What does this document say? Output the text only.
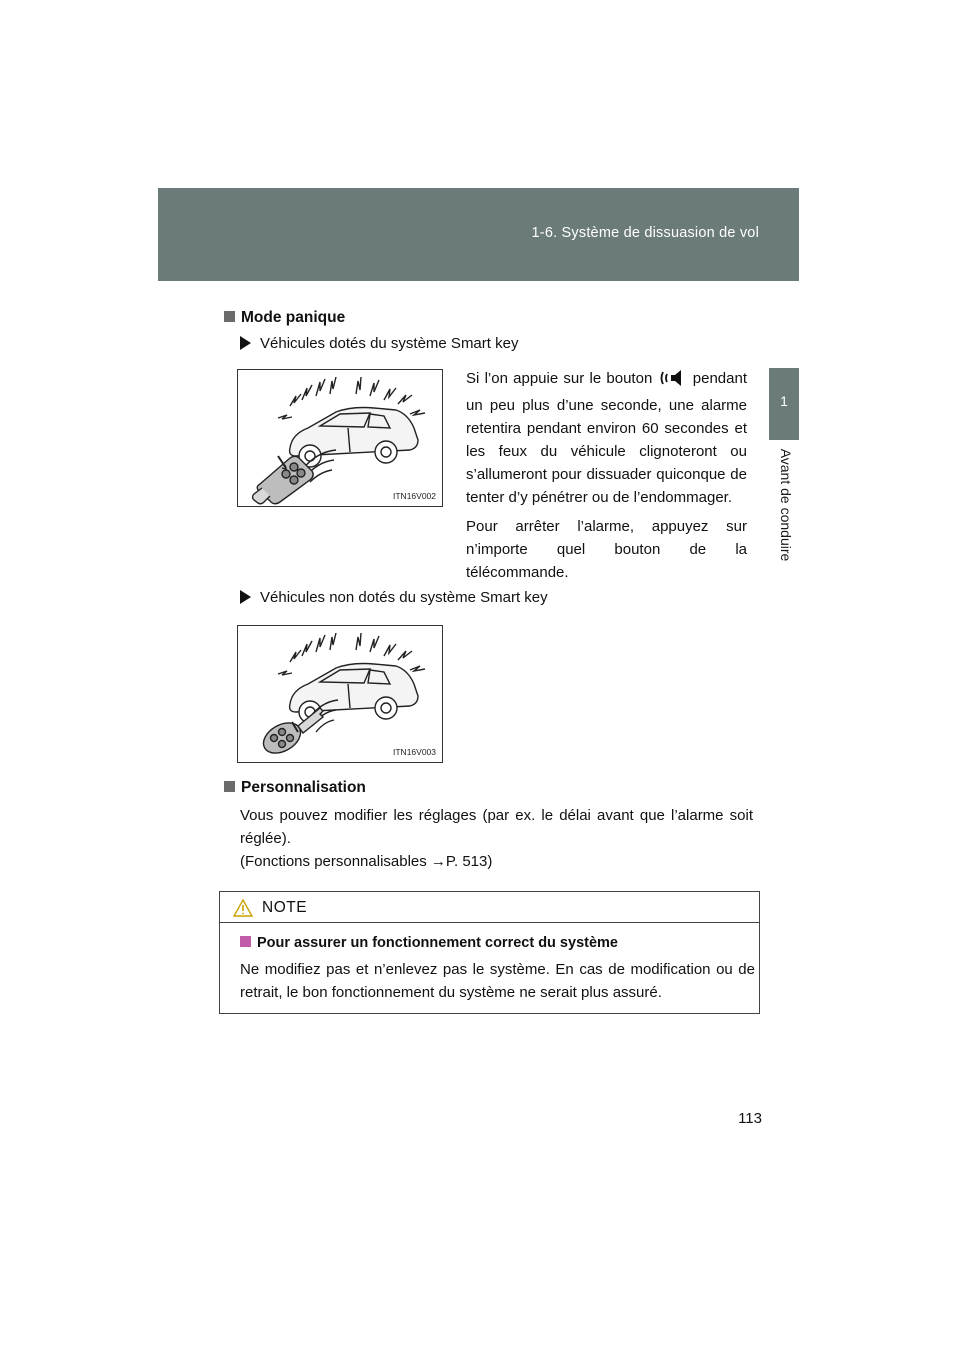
1-6. Système de dissuasion de vol
1
Avant de conduire
Mode panique
Véhicules dotés du système Smart key
ITN16V002
Si l’on appuie sur le bouton	pendant un peu plus d’une seconde, une alarme retentira pendant environ 60 secondes et les feux du véhicule clignoteront ou s’allumeront pour dissuader quiconque de tenter d’y pénétrer ou de l’endommager.
Pour arrêter l’alarme, appuyez sur n’importe quel bouton de la télécommande.
Véhicules non dotés du système Smart key
ITN16V003
Personnalisation
Vous pouvez modifier les réglages (par ex. le délai avant que l’alarme soit réglée).
(Fonctions personnalisables →P. 513)
NOTE
Pour assurer un fonctionnement correct du système
Ne modifiez pas et n’enlevez pas le système. En cas de modification ou de retrait, le bon fonctionnement du système ne serait plus assuré.
113
